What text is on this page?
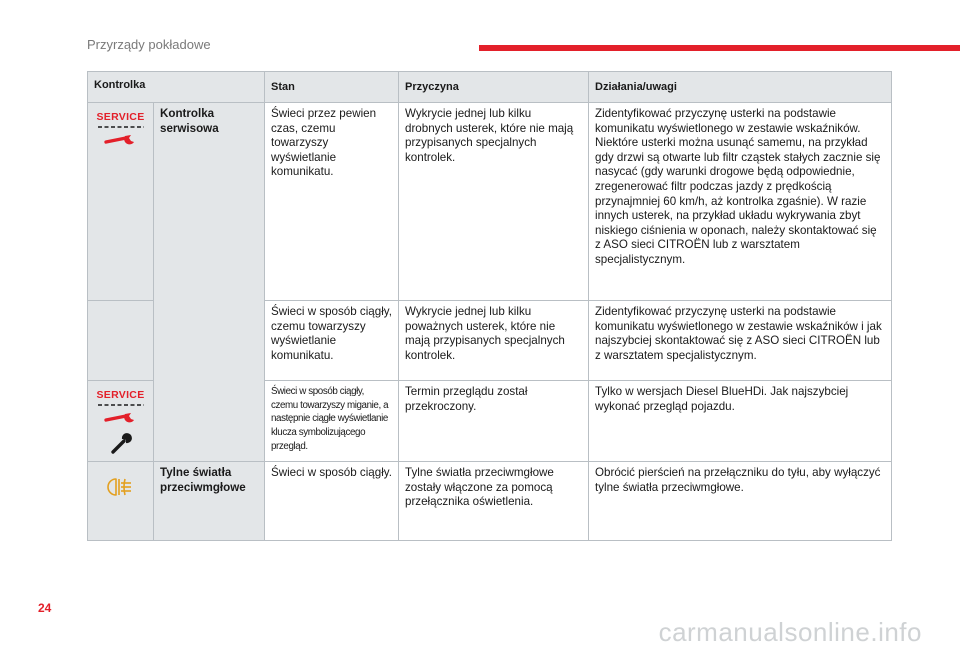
Przyrządy pokładowe
Kontrolka		Stan	Przyczyna	Działania/uwagi

SERVICE	Kontrolka serwisowa	Świeci przez pewien czas, czemu towarzyszy wyświetlanie komunikatu.	Wykrycie jednej lub kilku drobnych usterek, które nie mają przypisanych specjalnych kontrolek.	Zidentyfikować przyczynę usterki na podstawie komunikatu wyświetlonego w zestawie wskaźników. Niektóre usterki można usunąć samemu, na przykład gdy drzwi są otwarte lub filtr cząstek stałych zacznie się nasycać (gdy warunki drogowe będą odpowiednie, zregenerować filtr podczas jazdy z prędkością przynajmniej 60 km/h, aż kontrolka zgaśnie). W razie innych usterek, na przykład układu wykrywania zbyt niskiego ciśnienia w oponach, należy skontaktować się z ASO sieci CITROËN lub z warsztatem specjalistycznym.
		Świeci w sposób ciągły, czemu towarzyszy wyświetlanie komunikatu.	Wykrycie jednej lub kilku poważnych usterek, które nie mają przypisanych specjalnych kontrolek.	Zidentyfikować przyczynę usterki na podstawie komunikatu wyświetlonego w zestawie wskaźników i jak najszybciej skontaktować się z ASO sieci CITROËN lub z warsztatem specjalistycznym.

SERVICE		Świeci w sposób ciągły, czemu towarzyszy miganie, a następnie ciągłe wyświetlanie klucza symbolizującego przegląd.	Termin przeglądu został przekroczony.	Tylko w wersjach Diesel BlueHDi. Jak najszybciej wykonać przegląd pojazdu.

	Tylne światła przeciwmgłowe	Świeci w sposób ciągły.	Tylne światła przeciwmgłowe zostały włączone za pomocą przełącznika oświetlenia.	Obrócić pierścień na przełączniku do tyłu, aby wyłączyć tylne światła przeciwmgłowe.
24
carmanualsonline.info
